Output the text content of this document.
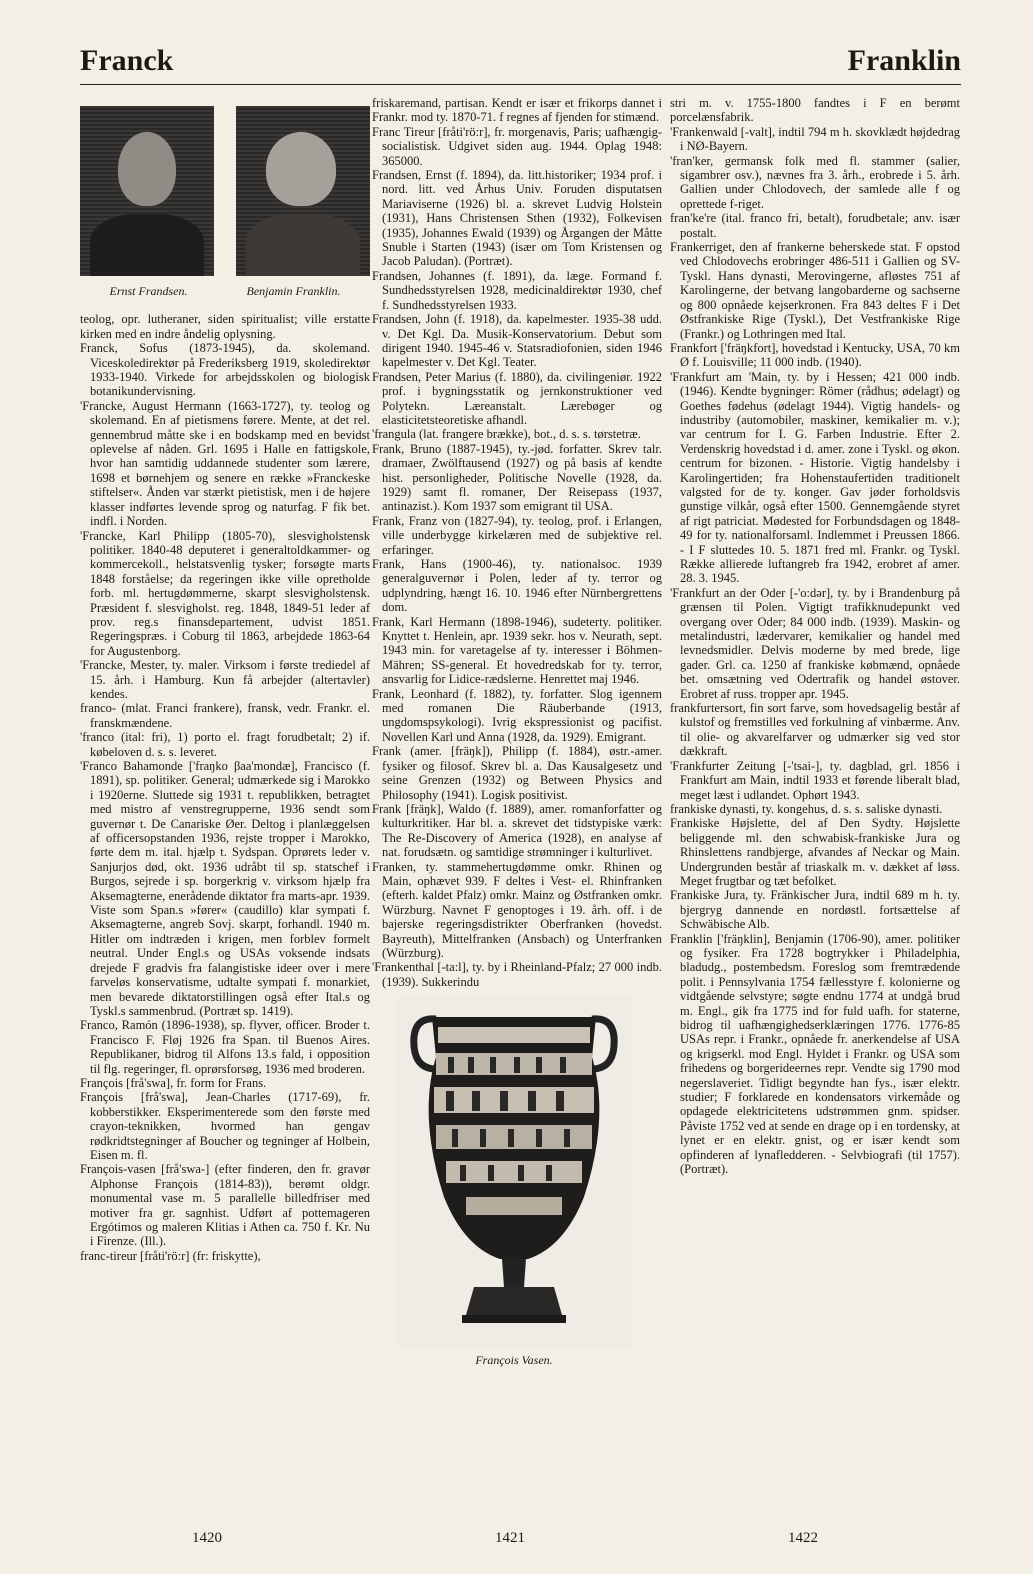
Franck	Franklin
Ernst Frandsen.	Benjamin Franklin.

teolog, opr. lutheraner, siden spiritualist; ville erstatte kirken med en indre åndelig oplysning.

Franck, Sofus (1873-1945), da. skolemand. Viceskoledirektør på Frederiksberg 1919, skoledirektør 1933-1940. Virkede for arbejdsskolen og biologisk botanikundervisning.

'Francke, August Hermann (1663-1727), ty. teolog og skolemand. En af pietismens førere. Mente, at det rel. gennembrud måtte ske i en bodskamp med en bevidst oplevelse af nåden. Grl. 1695 i Halle en fattigskole, hvor han samtidig uddannede studenter som lærere, 1698 et børnehjem og senere en række »Franckeske stiftelser«. Ånden var stærkt pietistisk, men i de højere klasser indførtes levende sprog og naturfag. F fik bet. indfl. i Norden.

'Francke, Karl Philipp (1805-70), slesvigholstensk politiker. 1840-48 deputeret i generaltoldkammer- og kommercekoll., helstatsvenlig tysker; forsøgte marts 1848 forståelse; da regeringen ikke ville opretholde forb. ml. hertugdømmerne, skarpt slesvigholstensk. Præsident f. slesvigholst. reg. 1848, 1849-51 leder af prov. reg.s finansdepartement, udvist 1851. Regeringspræs. i Coburg til 1863, arbejdede 1863-64 for Augustenborg.

'Francke, Mester, ty. maler. Virksom i første trediedel af 15. årh. i Hamburg. Kun få arbejder (altertavler) kendes.

franco- (mlat. Franci frankere), fransk, vedr. Frankr. el. franskmændene.

'franco (ital: fri), 1) porto el. fragt forudbetalt; 2) if. købeloven d. s. s. leveret.

'Franco Bahamonde ['fraŋko βaa'mondæ], Francisco (f. 1891), sp. politiker. General; udmærkede sig i Marokko i 1920erne. Sluttede sig 1931 t. republikken, betragtet med mistro af venstregrupperne, 1936 sendt som guvernør t. De Canariske Øer. Deltog i planlæggelsen af officersopstanden 1936, rejste tropper i Marokko, førte dem m. ital. hjælp t. Sydspan. Oprørets leder v. Sanjurjos død, okt. 1936 udråbt til sp. statschef i Burgos, sejrede i sp. borgerkrig v. virksom hjælp fra Aksemagterne, enerådende diktator fra marts-apr. 1939. Viste som Span.s »fører« (caudillo) klar sympati f. Aksemagterne, angreb Sovj. skarpt, forhandl. 1940 m. Hitler om indtræden i krigen, men forblev formelt neutral. Under Engl.s og USAs voksende indsats drejede F gradvis fra falangistiske ideer over i mere farveløs konservatisme, udtalte sympati f. monarkiet, men bevarede diktatorstillingen også efter Ital.s og Tyskl.s sammenbrud. (Portræt sp. 1419).

Franco, Ramón (1896-1938), sp. flyver, officer. Broder t. Francisco F. Fløj 1926 fra Span. til Buenos Aires. Republikaner, bidrog til Alfons 13.s fald, i opposition til flg. regeringer, fl. oprørsforsøg, 1936 med broderen.

François [frå'swa], fr. form for Frans.

François [frå'swa], Jean-Charles (1717-69), fr. kobberstikker. Eksperimenterede som den første med crayon-teknikken, hvormed han gengav rødkridtstegninger af Boucher og tegninger af Holbein, Eisen m. fl.

François-vasen [frå'swa-] (efter finderen, den fr. gravør Alphonse François (1814-83)), berømt oldgr. monumental vase m. 5 parallelle billedfriser med motiver fra gr. sagnhist. Udført af pottemageren Ergótimos og maleren Klitias i Athen ca. 750 f. Kr. Nu i Firenze. (Ill.).

franc-tireur [fråti'rö:r] (fr: friskytte),

friskaremand, partisan. Kendt er især et frikorps dannet i Frankr. mod ty. 1870-71. f regnes af fjenden for stimænd.

Franc Tireur [fråti'rö:r], fr. morgenavis, Paris; uafhængig-socialistisk. Udgivet siden aug. 1944. Oplag 1948: 365000.

Frandsen, Ernst (f. 1894), da. litt.historiker; 1934 prof. i nord. litt. ved Århus Univ. Foruden disputatsen Mariaviserne (1926) bl. a. skrevet Ludvig Holstein (1931), Hans Christensen Sthen (1932), Folkevisen (1935), Johannes Ewald (1939) og Årgangen der Måtte Snuble i Starten (1943) (især om Tom Kristensen og Jacob Paludan). (Portræt).

Frandsen, Johannes (f. 1891), da. læge. Formand f. Sundhedsstyrelsen 1928, medicinaldirektør 1930, chef f. Sundhedsstyrelsen 1933.

Frandsen, John (f. 1918), da. kapelmester. 1935-38 udd. v. Det Kgl. Da. Musik-Konservatorium. Debut som dirigent 1940. 1945-46 v. Statsradiofonien, siden 1946 kapelmester v. Det Kgl. Teater.

Frandsen, Peter Marius (f. 1880), da. civilingeniør. 1922 prof. i bygningsstatik og jernkonstruktioner ved Polytekn. Læreanstalt. Lærebøger og elasticitetsteoretiske afhandl.

'frangula (lat. frangere brække), bot., d. s. s. tørstetræ.

Frank, Bruno (1887-1945), ty.-jød. forfatter. Skrev talr. dramaer, Zwölftausend (1927) og på basis af kendte hist. personligheder, Politische Novelle (1928, da. 1929) samt fl. romaner, Der Reisepass (1937, antinazist.). Kom 1937 som emigrant til USA.

Frank, Franz von (1827-94), ty. teolog, prof. i Erlangen, ville underbygge kirkelæren med de subjektive rel. erfaringer.

Frank, Hans (1900-46), ty. nationalsoc. 1939 generalguvernør i Polen, leder af ty. terror og udplyndring, hængt 16. 10. 1946 efter Nürnbergrettens dom.

Frank, Karl Hermann (1898-1946), sudeterty. politiker. Knyttet t. Henlein, apr. 1939 sekr. hos v. Neurath, sept. 1943 min. for varetagelse af ty. interesser i Böhmen-Mähren; SS-general. Et hovedredskab for ty. terror, ansvarlig for Lidice-rædslerne. Henrettet maj 1946.

Frank, Leonhard (f. 1882), ty. forfatter. Slog igennem med romanen Die Räuberbande (1913, ungdomspsykologi). Ivrig ekspressionist og pacifist. Novellen Karl und Anna (1928, da. 1929). Emigrant.

Frank (amer. [fräŋk]), Philipp (f. 1884), østr.-amer. fysiker og filosof. Skrev bl. a. Das Kausalgesetz und seine Grenzen (1932) og Between Physics and Philosophy (1941). Logisk positivist.

Frank [fräŋk], Waldo (f. 1889), amer. romanforfatter og kulturkritiker. Har bl. a. skrevet det tidstypiske værk: The Re-Discovery of America (1928), en analyse af nat. forudsætn. og samtidige strømninger i kulturlivet.

Franken, ty. stammehertugdømme omkr. Rhinen og Main, ophævet 939. F deltes i Vest- el. Rhinfranken (efterh. kaldet Pfalz) omkr. Mainz og Østfranken omkr. Würzburg. Navnet F genoptoges i 19. årh. off. i de bajerske regeringsdistrikter Oberfranken (hovedst. Bayreuth), Mittelfranken (Ansbach) og Unterfranken (Würzburg).

'Frankenthal [-ta:l], ty. by i Rheinland-Pfalz; 27 000 indb. (1939). Sukkerindu

François Vasen.

stri m. v. 1755-1800 fandtes i F en berømt porcelænsfabrik.

'Frankenwald [-valt], indtil 794 m h. skovklædt højdedrag i NØ-Bayern.

'fran'ker, germansk folk med fl. stammer (salier, sigambrer osv.), nævnes fra 3. årh., erobrede i 5. årh. Gallien under Chlodovech, der samlede alle f og oprettede f-riget.

fran'ke're (ital. franco fri, betalt), forudbetale; anv. især postalt.

Frankerriget, den af frankerne beherskede stat. F opstod ved Chlodovechs erobringer 486-511 i Gallien og SV-Tyskl. Hans dynasti, Merovingerne, afløstes 751 af Karolingerne, der betvang langobarderne og sachserne og 800 opnåede kejserkronen. Fra 843 deltes F i Det Østfrankiske Rige (Tyskl.), Det Vestfrankiske Rige (Frankr.) og Lothringen med Ital.

Frankfort ['fräŋkfort], hovedstad i Kentucky, USA, 70 km Ø f. Louisville; 11 000 indb. (1940).

'Frankfurt am 'Main, ty. by i Hessen; 421 000 indb. (1946). Kendte bygninger: Römer (rådhus; ødelagt) og Goethes fødehus (ødelagt 1944). Vigtig handels- og industriby (automobiler, maskiner, kemikalier m. v.); var centrum for I. G. Farben Industrie. Efter 2. Verdenskrig hovedstad i d. amer. zone i Tyskl. og økon. centrum for bizonen. - Historie. Vigtig handelsby i Karolingertiden; fra Hohenstaufertiden traditionelt valgsted for de ty. konger. Gav jøder forholdsvis gunstige vilkår, også efter 1500. Gennemgående styret af rigt patriciat. Mødested for Forbundsdagen og 1848-49 for ty. nationalforsaml. Indlemmet i Preussen 1866. - I F sluttedes 10. 5. 1871 fred ml. Frankr. og Tyskl. Række allierede luftangreb fra 1942, erobret af amer. 28. 3. 1945.

'Frankfurt an der Oder [-'o:dər], ty. by i Brandenburg på grænsen til Polen. Vigtigt trafikknudepunkt ved overgang over Oder; 84 000 indb. (1939). Maskin- og metalindustri, lædervarer, kemikalier og handel med levnedsmidler. Delvis moderne by med brede, lige gader. Grl. ca. 1250 af frankiske købmænd, opnåede bet. omsætning ved Odertrafik og handel østover. Erobret af russ. tropper apr. 1945.

frankfurtersort, fin sort farve, som hovedsagelig består af kulstof og fremstilles ved forkulning af vinbærme. Anv. til olie- og akvarelfarver og udmærker sig ved stor dækkraft.

'Frankfurter Zeitung [-'tsai-], ty. dagblad, grl. 1856 i Frankfurt am Main, indtil 1933 et førende liberalt blad, meget læst i udlandet. Ophørt 1943.

frankiske dynasti, ty. kongehus, d. s. s. saliske dynasti.

Frankiske Højslette, del af Den Sydty. Højslette beliggende ml. den schwabisk-frankiske Jura og Rhinslettens randbjerge, afvandes af Neckar og Main. Undergrunden består af triaskalk m. v. dækket af løss. Meget frugtbar og tæt befolket.

Frankiske Jura, ty. Fränkischer Jura, indtil 689 m h. ty. bjergryg dannende en nordøstl. fortsættelse af Schwäbische Alb.

Franklin ['fräŋklin], Benjamin (1706-90), amer. politiker og fysiker. Fra 1728 bogtrykker i Philadelphia, bladudg., postembedsm. Foreslog som fremtrædende polit. i Pennsylvania 1754 fællesstyre f. kolonierne og vidtgående selvstyre; søgte endnu 1774 at undgå brud m. Engl., gik fra 1775 ind for fuld uafh. for staterne, bidrog til uafhængighedserklæringen 1776. 1776-85 USAs repr. i Frankr., opnåede fr. anerkendelse af USA og krigserkl. mod Engl. Hyldet i Frankr. og USA som frihedens og borgerideernes repr. Vendte sig 1790 mod negerslaveriet. Tidligt begyndte han fys., især elektr. studier; F forklarede en kondensators virkemåde og opdagede elektricitetens udstrømmen gnm. spidser. Påviste 1752 ved at sende en drage op i en tordensky, at lynet er en elektr. gnist, og er især kendt som opfinderen af lynafledderen. - Selvbiografi (til 1757). (Portræt).

1420	1421	1422
